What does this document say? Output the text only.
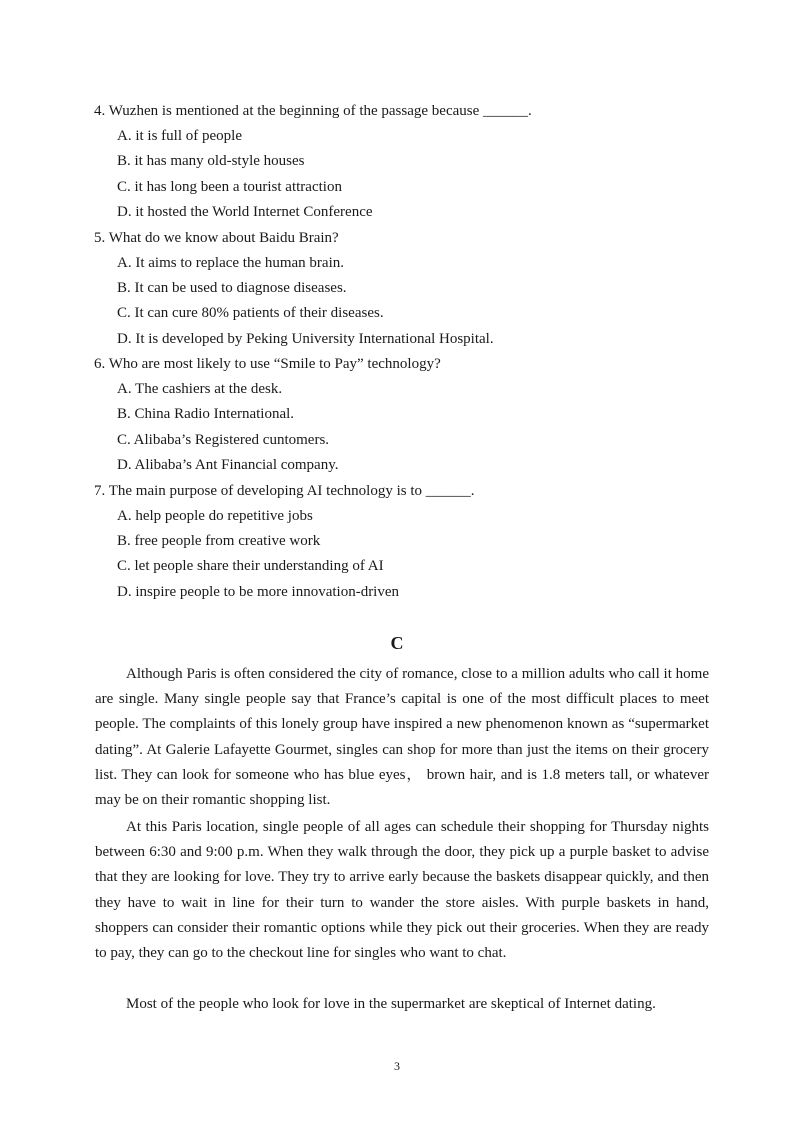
4. Wuzhen is mentioned at the beginning of the passage because ______.
A. it is full of people
B. it has many old-style houses
C. it has long been a tourist attraction
D. it hosted the World Internet Conference
5. What do we know about Baidu Brain?
A. It aims to replace the human brain.
B. It can be used to diagnose diseases.
C. It can cure 80% patients of their diseases.
D. It is developed by Peking University International Hospital.
6. Who are most likely to use “Smile to Pay” technology?
A. The cashiers at the desk.
B. China Radio International.
C. Alibaba’s Registered cuntomers.
D. Alibaba’s Ant Financial company.
7. The main purpose of developing AI technology is to ______.
A. help people do repetitive jobs
B. free people from creative work
C. let people share their understanding of AI
D. inspire people to be more innovation-driven
C

Although Paris is often considered the city of romance, close to a million adults who call it home are single. Many single people say that France’s capital is one of the most difficult places to meet people. The complaints of this lonely group have inspired a new phenomenon known as “supermarket dating”. At Galerie Lafayette Gourmet, singles can shop for more than just the items on their grocery list. They can look for someone who has blue eyes， brown hair, and is 1.8 meters tall, or whatever may be on their romantic shopping list.

At this Paris location, single people of all ages can schedule their shopping for Thursday nights between 6:30 and 9:00 p.m. When they walk through the door, they pick up a purple basket to advise that they are looking for love. They try to arrive early because the baskets disappear quickly, and then they have to wait in line for their turn to wander the store aisles. With purple baskets in hand, shoppers can consider their romantic options while they pick out their groceries. When they are ready to pay, they can go to the checkout line for singles who want to chat.

Most of the people who look for love in the supermarket are skeptical of Internet dating.

3
